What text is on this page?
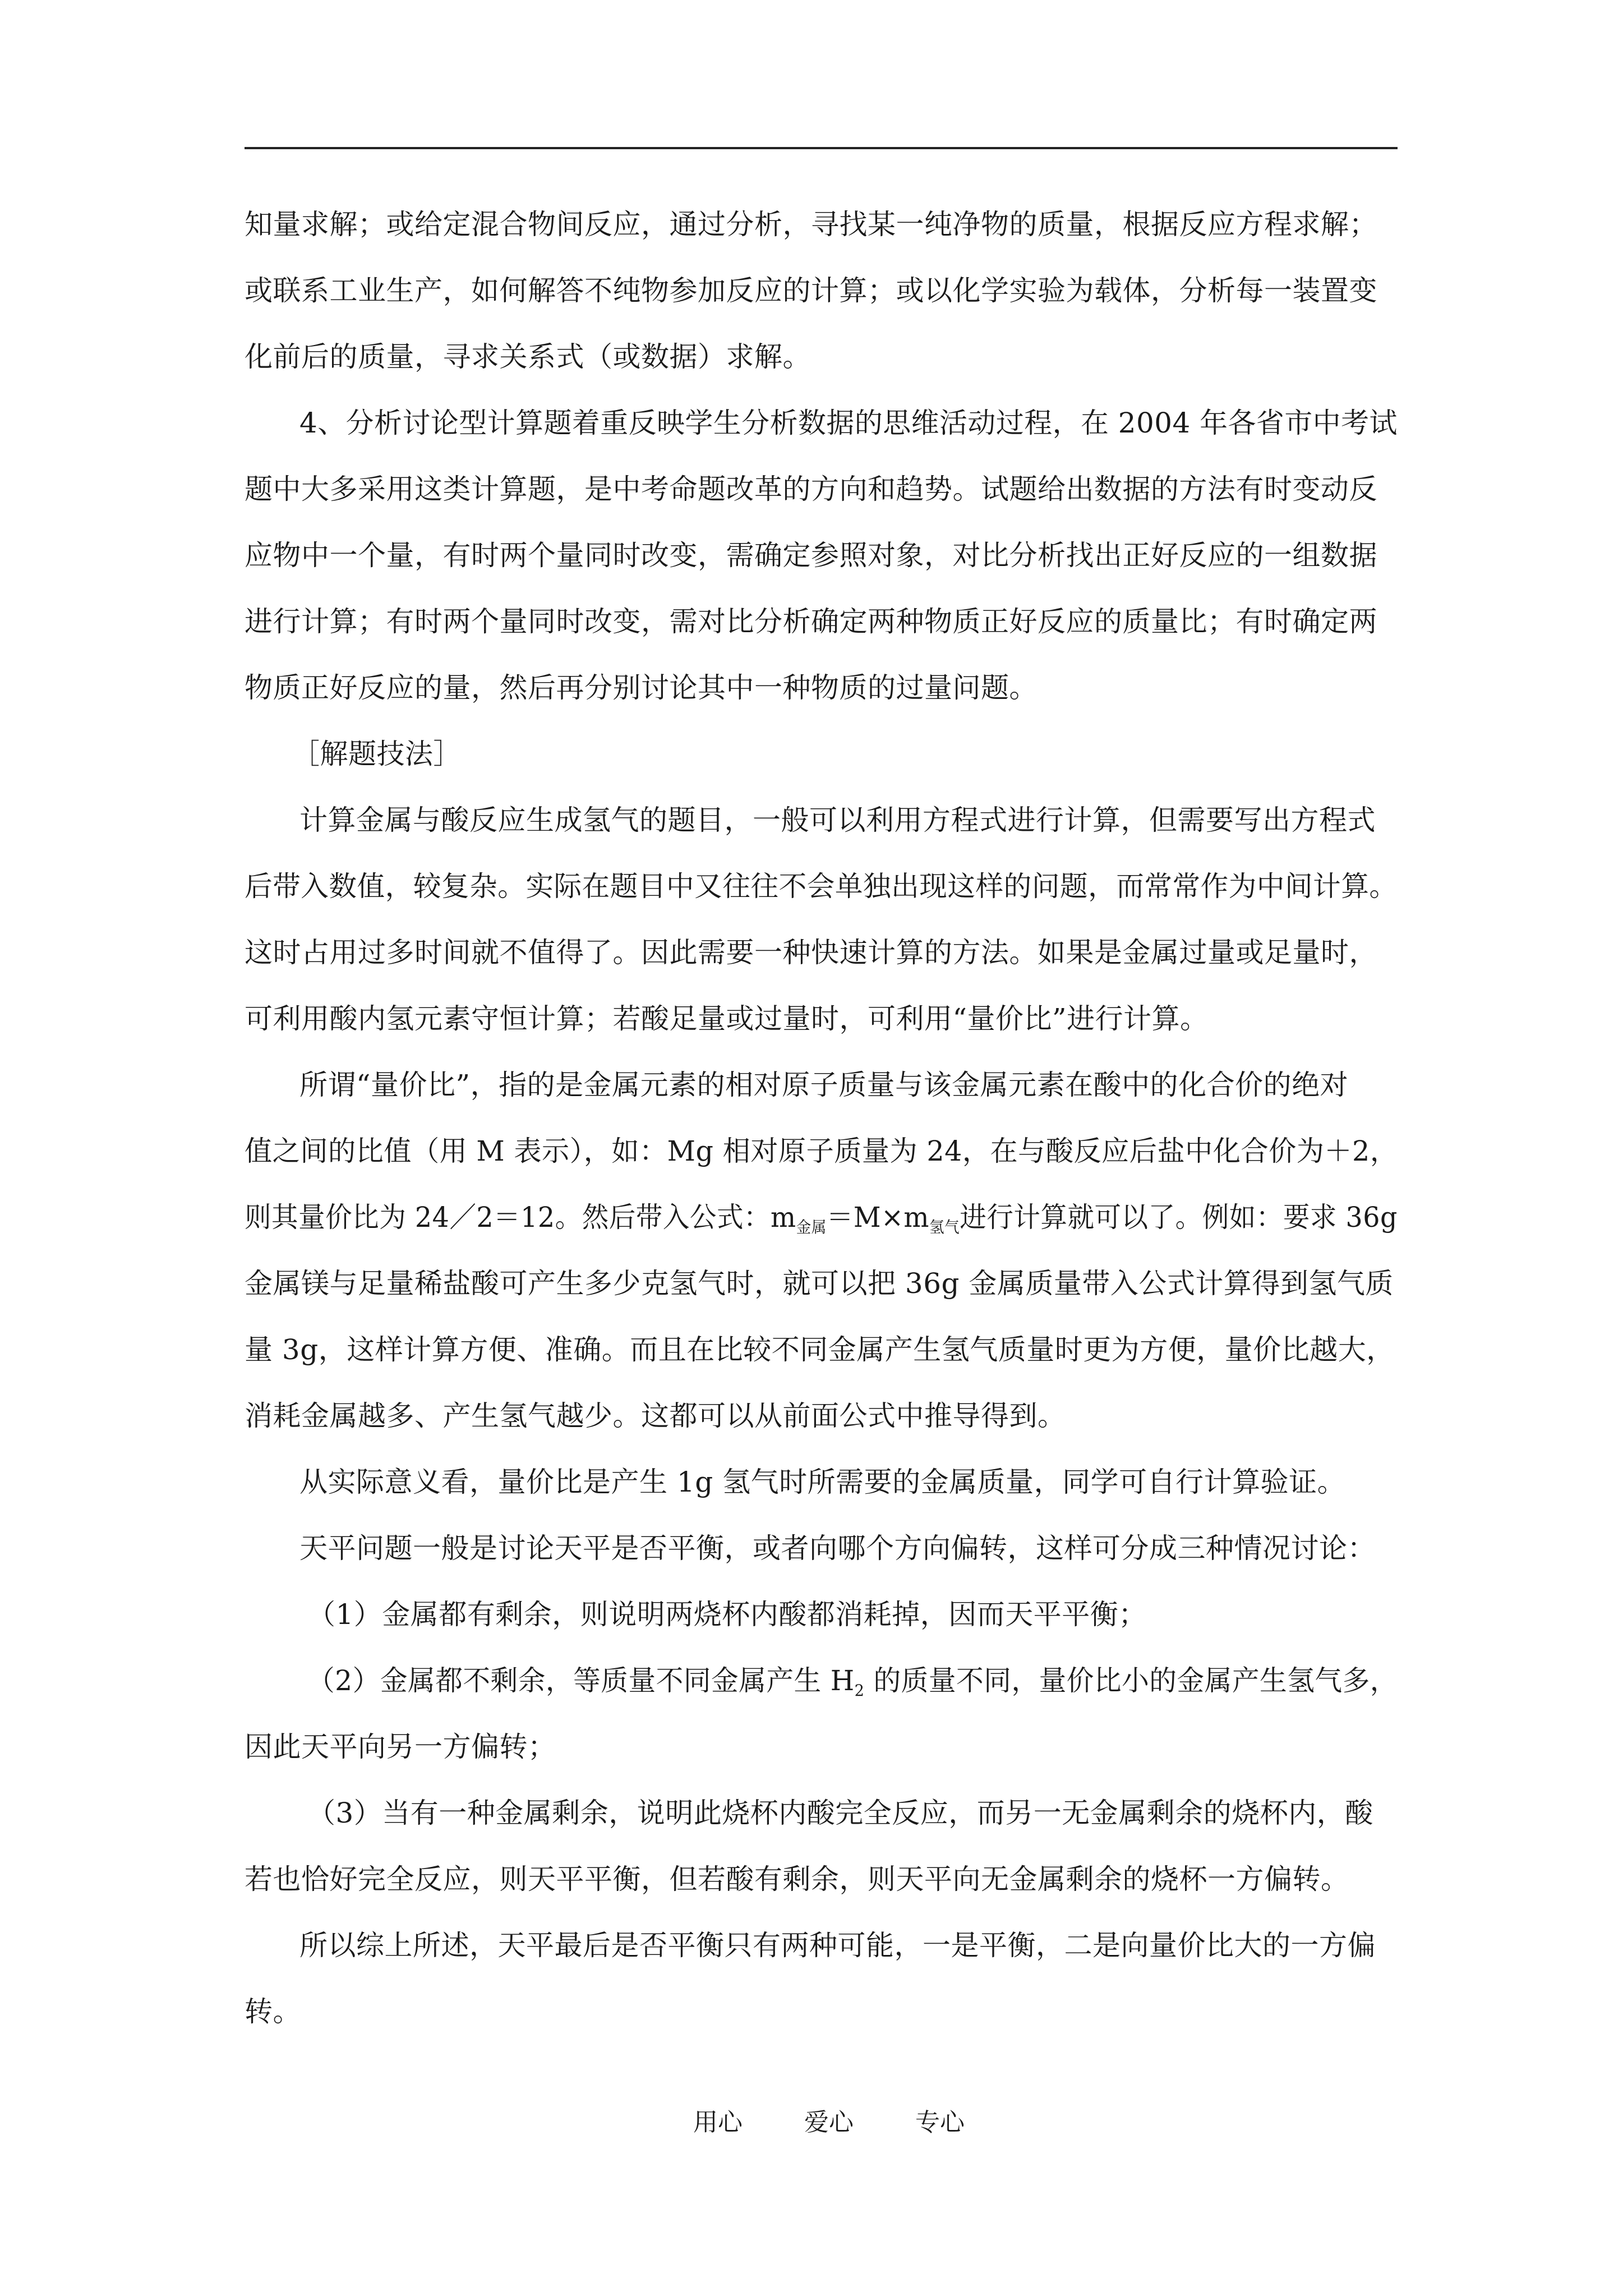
知量求解；或给定混合物间反应，通过分析，寻找某一纯净物的质量，根据反应方程求解；
或联系工业生产，如何解答不纯物参加反应的计算；或以化学实验为载体，分析每一装置变
化前后的质量，寻求关系式（或数据）求解。
4、分析讨论型计算题着重反映学生分析数据的思维活动过程，在 2004 年各省市中考试
题中大多采用这类计算题，是中考命题改革的方向和趋势。试题给出数据的方法有时变动反
应物中一个量，有时两个量同时改变，需确定参照对象，对比分析找出正好反应的一组数据
进行计算；有时两个量同时改变，需对比分析确定两种物质正好反应的质量比；有时确定两
物质正好反应的量，然后再分别讨论其中一种物质的过量问题。
［解题技法］
计算金属与酸反应生成氢气的题目，一般可以利用方程式进行计算，但需要写出方程式
后带入数值，较复杂。实际在题目中又往往不会单独出现这样的问题，而常常作为中间计算。
这时占用过多时间就不值得了。因此需要一种快速计算的方法。如果是金属过量或足量时，
可利用酸内氢元素守恒计算；若酸足量或过量时，可利用“量价比”进行计算。
所谓“量价比”，指的是金属元素的相对原子质量与该金属元素在酸中的化合价的绝对
值之间的比值（用 M 表示），如：Mg 相对原子质量为 24，在与酸反应后盐中化合价为＋2，
则其量价比为 24／2＝12。然后带入公式：$m_{金属}=M\times m_{氢气}$进行计算就可以了。例如：要求 36g
金属镁与足量稀盐酸可产生多少克氢气时，就可以把 36g 金属质量带入公式计算得到氢气质
量 3g，这样计算方便、准确。而且在比较不同金属产生氢气质量时更为方便，量价比越大，
消耗金属越多、产生氢气越少。这都可以从前面公式中推导得到。
从实际意义看，量价比是产生 1g 氢气时所需要的金属质量，同学可自行计算验证。
天平问题一般是讨论天平是否平衡，或者向哪个方向偏转，这样可分成三种情况讨论：
（1）金属都有剩余，则说明两烧杯内酸都消耗掉，因而天平平衡；
（2）金属都不剩余，等质量不同金属产生 $H_2$ 的质量不同，量价比小的金属产生氢气多，
因此天平向另一方偏转；
（3）当有一种金属剩余，说明此烧杯内酸完全反应，而另一无金属剩余的烧杯内，酸
若也恰好完全反应，则天平平衡，但若酸有剩余，则天平向无金属剩余的烧杯一方偏转。
所以综上所述，天平最后是否平衡只有两种可能，一是平衡，二是向量价比大的一方偏
转。
用心	爱心	专心
